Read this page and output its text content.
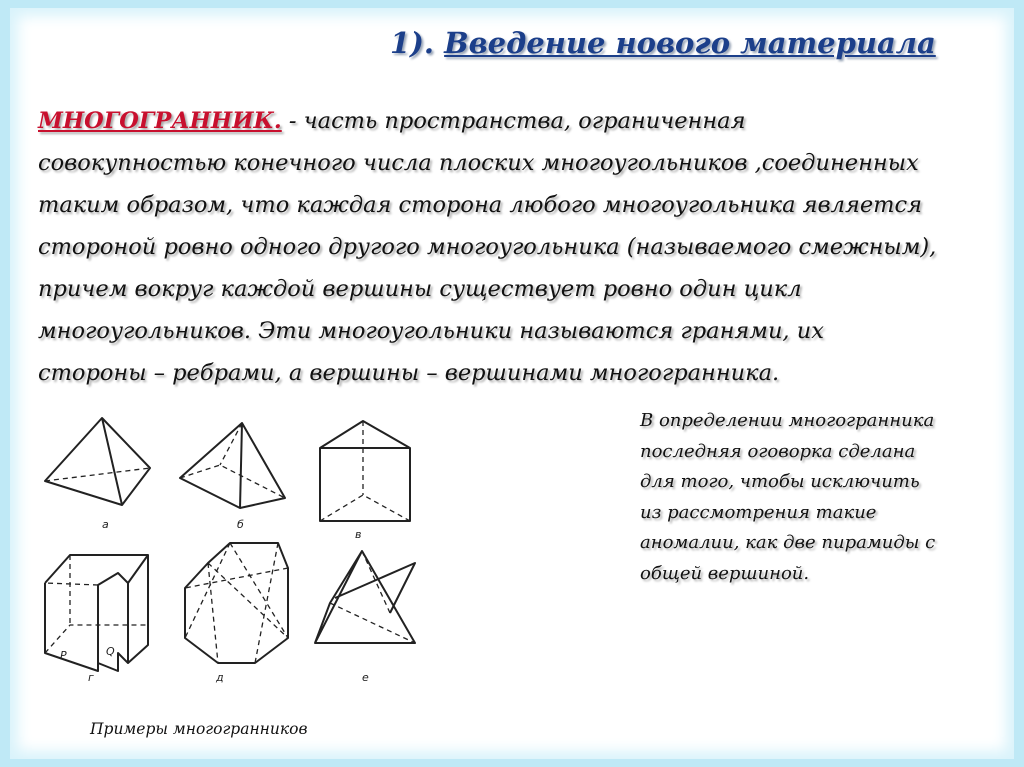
1). Введение нового материала

МНОГОГРАННИК. - часть пространства, ограниченная
совокупностью конечного числа плоских многоугольников ,соединенных
таким образом, что каждая сторона любого многоугольника является
стороной ровно одного другого многоугольника (называемого смежным),
причем вокруг каждой вершины существует ровно один цикл
многоугольников. Эти многоугольники называются гранями, их
стороны – ребрами, а вершины – вершинами многогранника.

В определении многогранника
последняя оговорка сделана
для того, чтобы исключить
из рассмотрения такие
аномалии, как две пирамиды с
общей вершиной.
а	б
в
г	д	е
P	Q
Примеры многогранников
